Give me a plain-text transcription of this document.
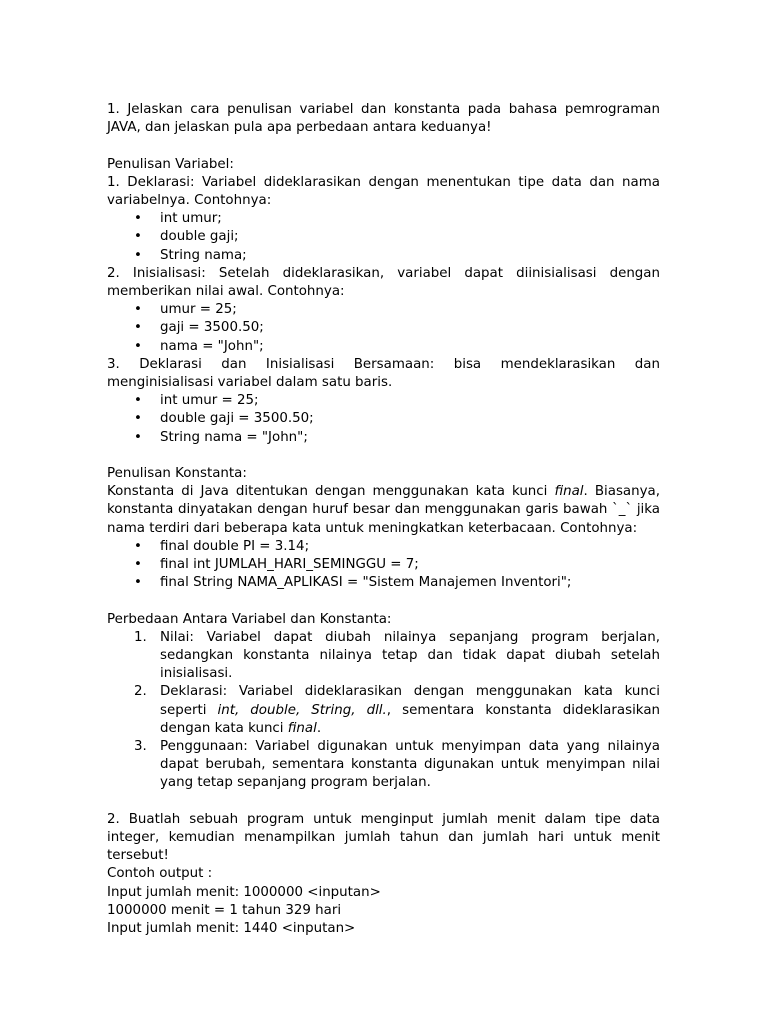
1. Jelaskan cara penulisan variabel dan konstanta pada bahasa pemrograman JAVA, dan jelaskan pula apa perbedaan antara keduanya!

Penulisan Variabel:

1. Deklarasi: Variabel dideklarasikan dengan menentukan tipe data dan nama variabelnya. Contohnya:

• int umur;
• double gaji;
• String nama;

2. Inisialisasi: Setelah dideklarasikan, variabel dapat diinisialisasi dengan memberikan nilai awal. Contohnya:

• umur = 25;
• gaji = 3500.50;
• nama = "John";

3. Deklarasi dan Inisialisasi Bersamaan: bisa mendeklarasikan dan menginisialisasi variabel dalam satu baris.

• int umur = 25;
• double gaji = 3500.50;
• String nama = "John";

Penulisan Konstanta:

Konstanta di Java ditentukan dengan menggunakan kata kunci final. Biasanya, konstanta dinyatakan dengan huruf besar dan menggunakan garis bawah `_` jika nama terdiri dari beberapa kata untuk meningkatkan keterbacaan. Contohnya:

• final double PI = 3.14;
• final int JUMLAH_HARI_SEMINGGU = 7;
• final String NAMA_APLIKASI = "Sistem Manajemen Inventori";

Perbedaan Antara Variabel dan Konstanta:

1. Nilai: Variabel dapat diubah nilainya sepanjang program berjalan, sedangkan konstanta nilainya tetap dan tidak dapat diubah setelah inisialisasi.
2. Deklarasi: Variabel dideklarasikan dengan menggunakan kata kunci seperti int, double, String, dll., sementara konstanta dideklarasikan dengan kata kunci final.
3. Penggunaan: Variabel digunakan untuk menyimpan data yang nilainya dapat berubah, sementara konstanta digunakan untuk menyimpan nilai yang tetap sepanjang program berjalan.

2. Buatlah sebuah program untuk menginput jumlah menit dalam tipe data integer, kemudian menampilkan jumlah tahun dan jumlah hari untuk menit tersebut!

Contoh output :

Input jumlah menit: 1000000 <inputan>

1000000 menit = 1 tahun 329 hari

Input jumlah menit: 1440 <inputan>
